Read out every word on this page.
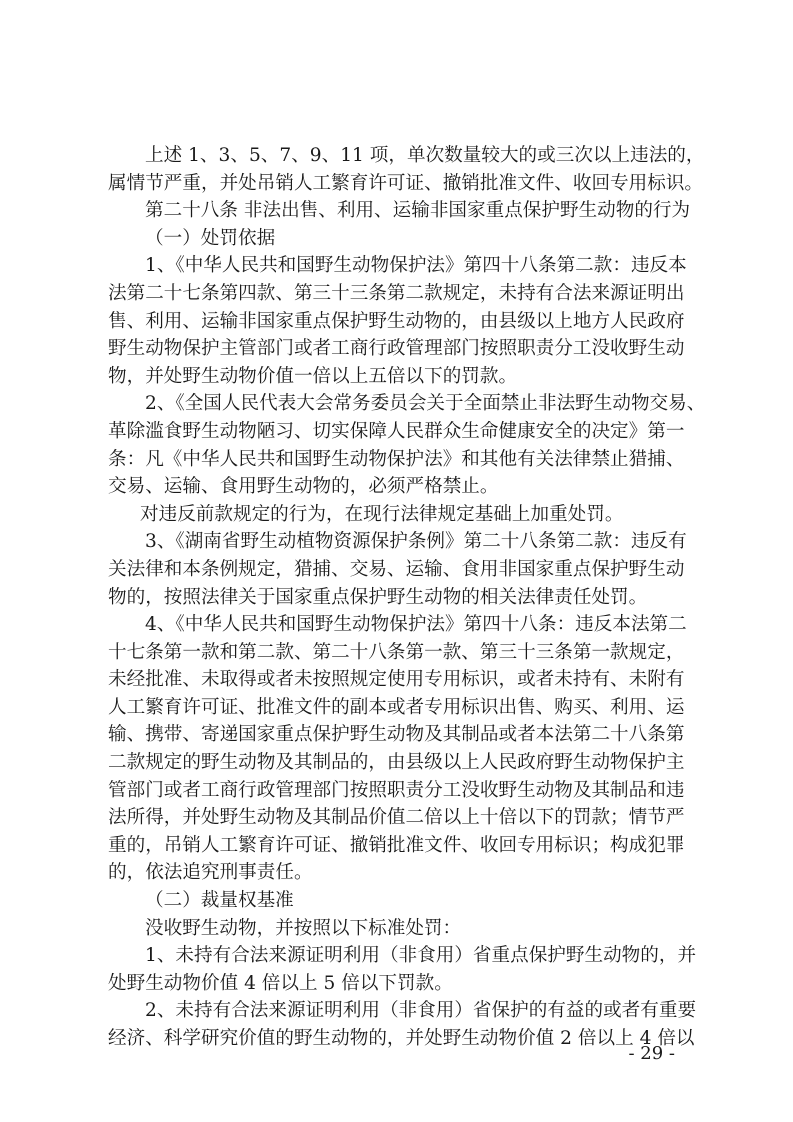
上述 1、3、5、7、9、11 项，单次数量较大的或三次以上违法的，
属情节严重，并处吊销人工繁育许可证、撤销批准文件、收回专用标识。
第二十八条 非法出售、利用、运输非国家重点保护野生动物的行为
（一）处罚依据
1、《中华人民共和国野生动物保护法》第四十八条第二款：违反本
法第二十七条第四款、第三十三条第二款规定，未持有合法来源证明出
售、利用、运输非国家重点保护野生动物的，由县级以上地方人民政府
野生动物保护主管部门或者工商行政管理部门按照职责分工没收野生动
物，并处野生动物价值一倍以上五倍以下的罚款。
2、《全国人民代表大会常务委员会关于全面禁止非法野生动物交易、
革除滥食野生动物陋习、切实保障人民群众生命健康安全的决定》第一
条：凡《中华人民共和国野生动物保护法》和其他有关法律禁止猎捕、
交易、运输、食用野生动物的，必须严格禁止。
对违反前款规定的行为，在现行法律规定基础上加重处罚。
3、《湖南省野生动植物资源保护条例》第二十八条第二款：违反有
关法律和本条例规定，猎捕、交易、运输、食用非国家重点保护野生动
物的，按照法律关于国家重点保护野生动物的相关法律责任处罚。
4、《中华人民共和国野生动物保护法》第四十八条：违反本法第二
十七条第一款和第二款、第二十八条第一款、第三十三条第一款规定，
未经批准、未取得或者未按照规定使用专用标识，或者未持有、未附有
人工繁育许可证、批准文件的副本或者专用标识出售、购买、利用、运
输、携带、寄递国家重点保护野生动物及其制品或者本法第二十八条第
二款规定的野生动物及其制品的，由县级以上人民政府野生动物保护主
管部门或者工商行政管理部门按照职责分工没收野生动物及其制品和违
法所得，并处野生动物及其制品价值二倍以上十倍以下的罚款；情节严
重的，吊销人工繁育许可证、撤销批准文件、收回专用标识；构成犯罪
的，依法追究刑事责任。
（二）裁量权基准
没收野生动物，并按照以下标准处罚：
1、未持有合法来源证明利用（非食用）省重点保护野生动物的，并
处野生动物价值 4 倍以上 5 倍以下罚款。
2、未持有合法来源证明利用（非食用）省保护的有益的或者有重要
经济、科学研究价值的野生动物的，并处野生动物价值 2 倍以上 4 倍以
- 29 -
